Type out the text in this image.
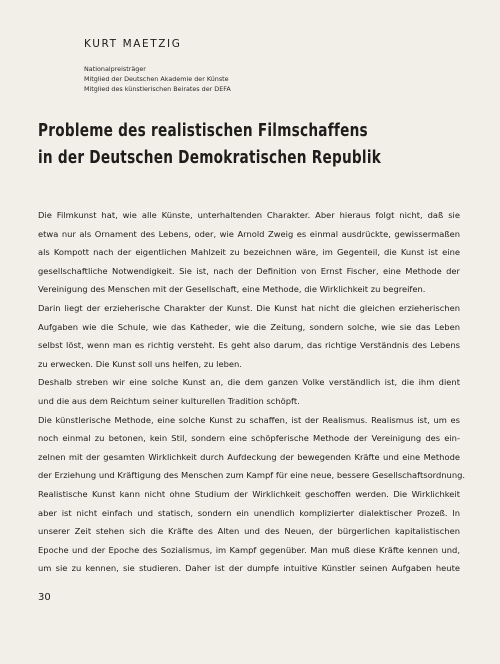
KURT MAETZIG
Nationalpreisträger
Mitglied der Deutschen Akademie der Künste
Mitglied des künstlerischen Beirates der DEFA
Probleme des realistischen Filmschaffens
in der Deutschen Demokratischen Republik
Die Filmkunst hat, wie alle Künste, unterhaltenden Charakter. Aber hieraus folgt nicht, daß sie
etwa nur als Ornament des Lebens, oder, wie Arnold Zweig es einmal ausdrückte, gewissermaßen
als Kompott nach der eigentlichen Mahlzeit zu bezeichnen wäre, im Gegenteil, die Kunst ist eine
gesellschaftliche Notwendigkeit. Sie ist, nach der Definition von Ernst Fischer, eine Methode der
Vereinigung des Menschen mit der Gesellschaft, eine Methode, die Wirklichkeit zu begreifen.
Darin liegt der erzieherische Charakter der Kunst. Die Kunst hat nicht die gleichen erzieherischen
Aufgaben wie die Schule, wie das Katheder, wie die Zeitung, sondern solche, wie sie das Leben
selbst löst, wenn man es richtig versteht. Es geht also darum, das richtige Verständnis des Lebens
zu erwecken. Die Kunst soll uns helfen, zu leben.
Deshalb streben wir eine solche Kunst an, die dem ganzen Volke verständlich ist, die ihm dient
und die aus dem Reichtum seiner kulturellen Tradition schöpft.
Die künstlerische Methode, eine solche Kunst zu schaffen, ist der Realismus. Realismus ist, um es
noch einmal zu betonen, kein Stil, sondern eine schöpferische Methode der Vereinigung des ein-
zelnen mit der gesamten Wirklichkeit durch Aufdeckung der bewegenden Kräfte und eine Methode
der Erziehung und Kräftigung des Menschen zum Kampf für eine neue, bessere Gesellschaftsordnung.
Realistische Kunst kann nicht ohne Studium der Wirklichkeit geschoffen werden. Die Wirklichkeit
aber ist nicht einfach und statisch, sondern ein unendlich komplizierter dialektischer Prozeß. In
unserer Zeit stehen sich die Kräfte des Alten und des Neuen, der bürgerlichen kapitalistischen
Epoche und der Epoche des Sozialismus, im Kampf gegenüber. Man muß diese Kräfte kennen und,
um sie zu kennen, sie studieren. Daher ist der dumpfe intuitive Künstler seinen Aufgaben heute
30
